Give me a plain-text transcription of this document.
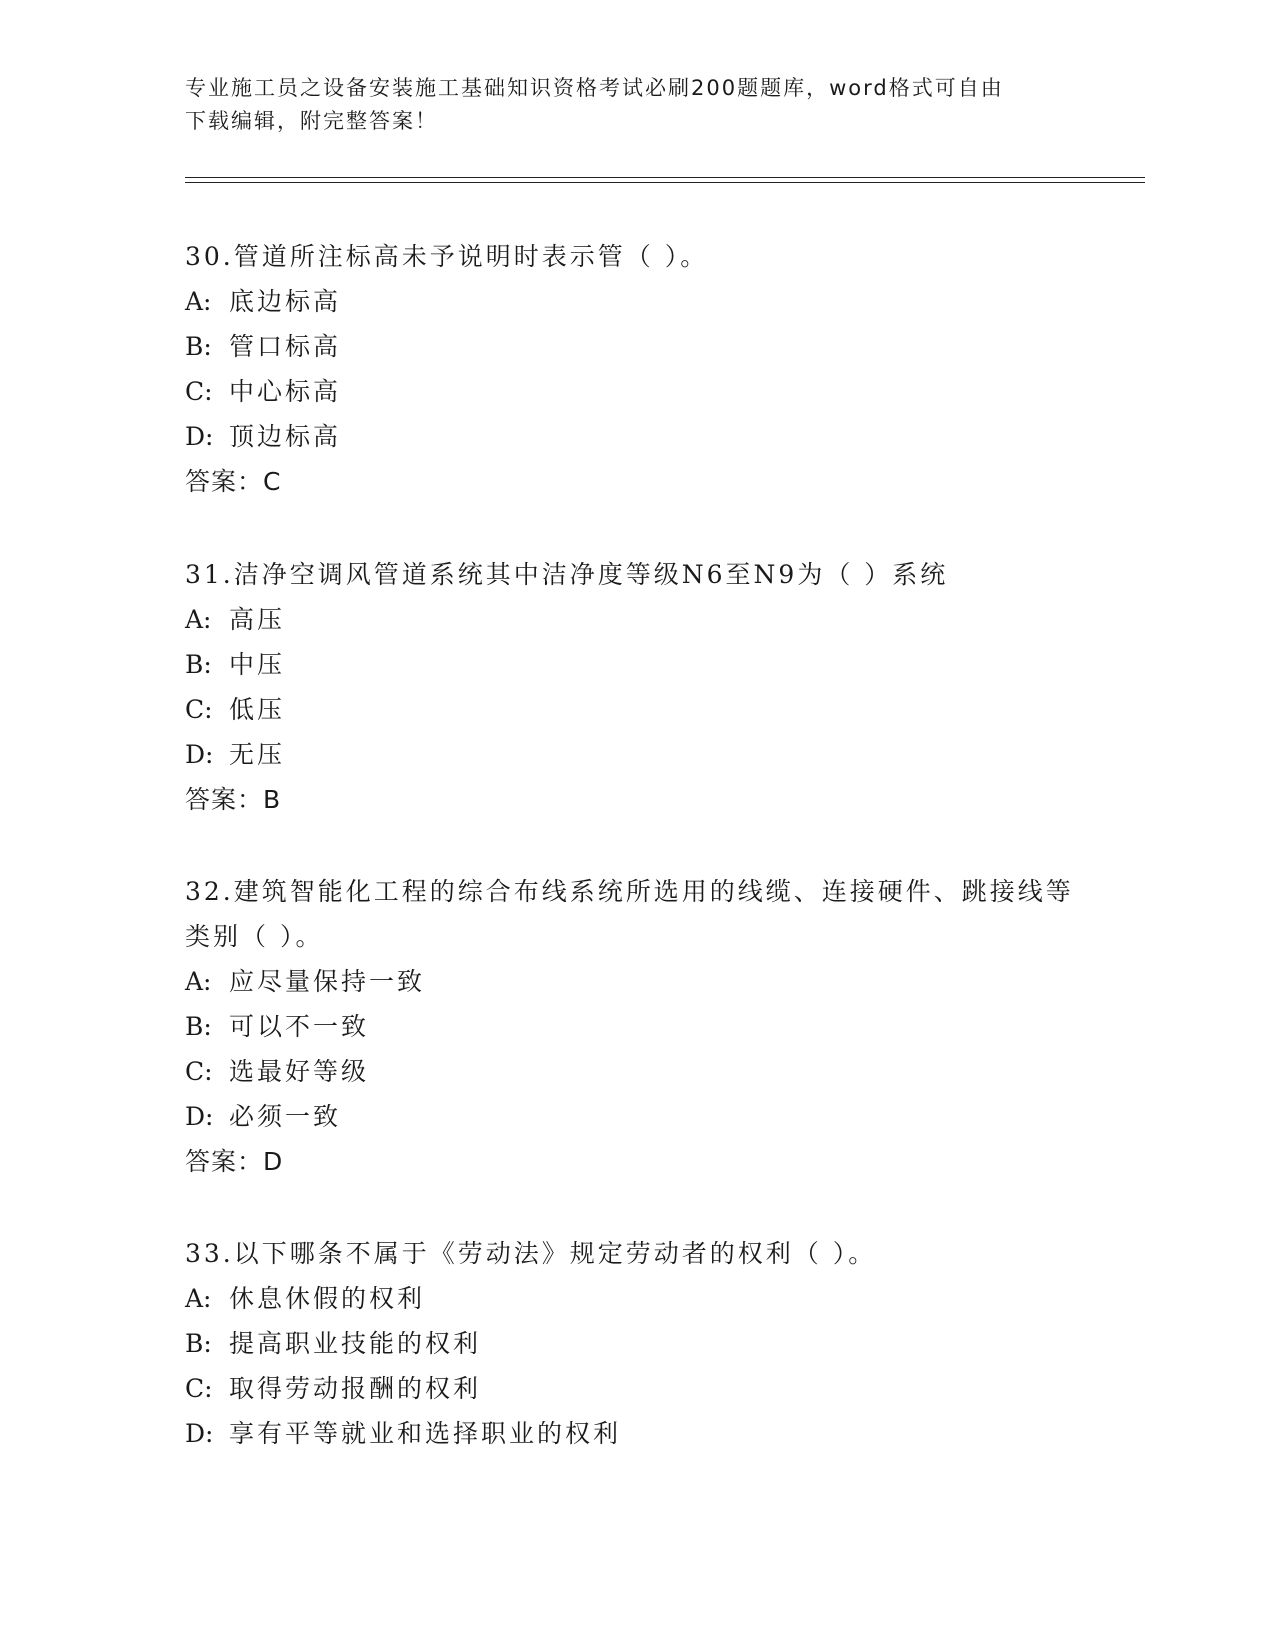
专业施工员之设备安装施工基础知识资格考试必刷200题题库，word格式可自由
下载编辑，附完整答案！
30.管道所注标高未予说明时表示管（ ）。
A: 底边标高
B: 管口标高
C: 中心标高
D: 顶边标高
答案：C
31.洁净空调风管道系统其中洁净度等级N6至N9为（ ）系统
A: 高压
B: 中压
C: 低压
D: 无压
答案：B
32.建筑智能化工程的综合布线系统所选用的线缆、连接硬件、跳接线等类别（ ）。
A: 应尽量保持一致
B: 可以不一致
C: 选最好等级
D: 必须一致
答案：D
33.以下哪条不属于《劳动法》规定劳动者的权利（ ）。
A: 休息休假的权利
B: 提高职业技能的权利
C: 取得劳动报酬的权利
D: 享有平等就业和选择职业的权利
